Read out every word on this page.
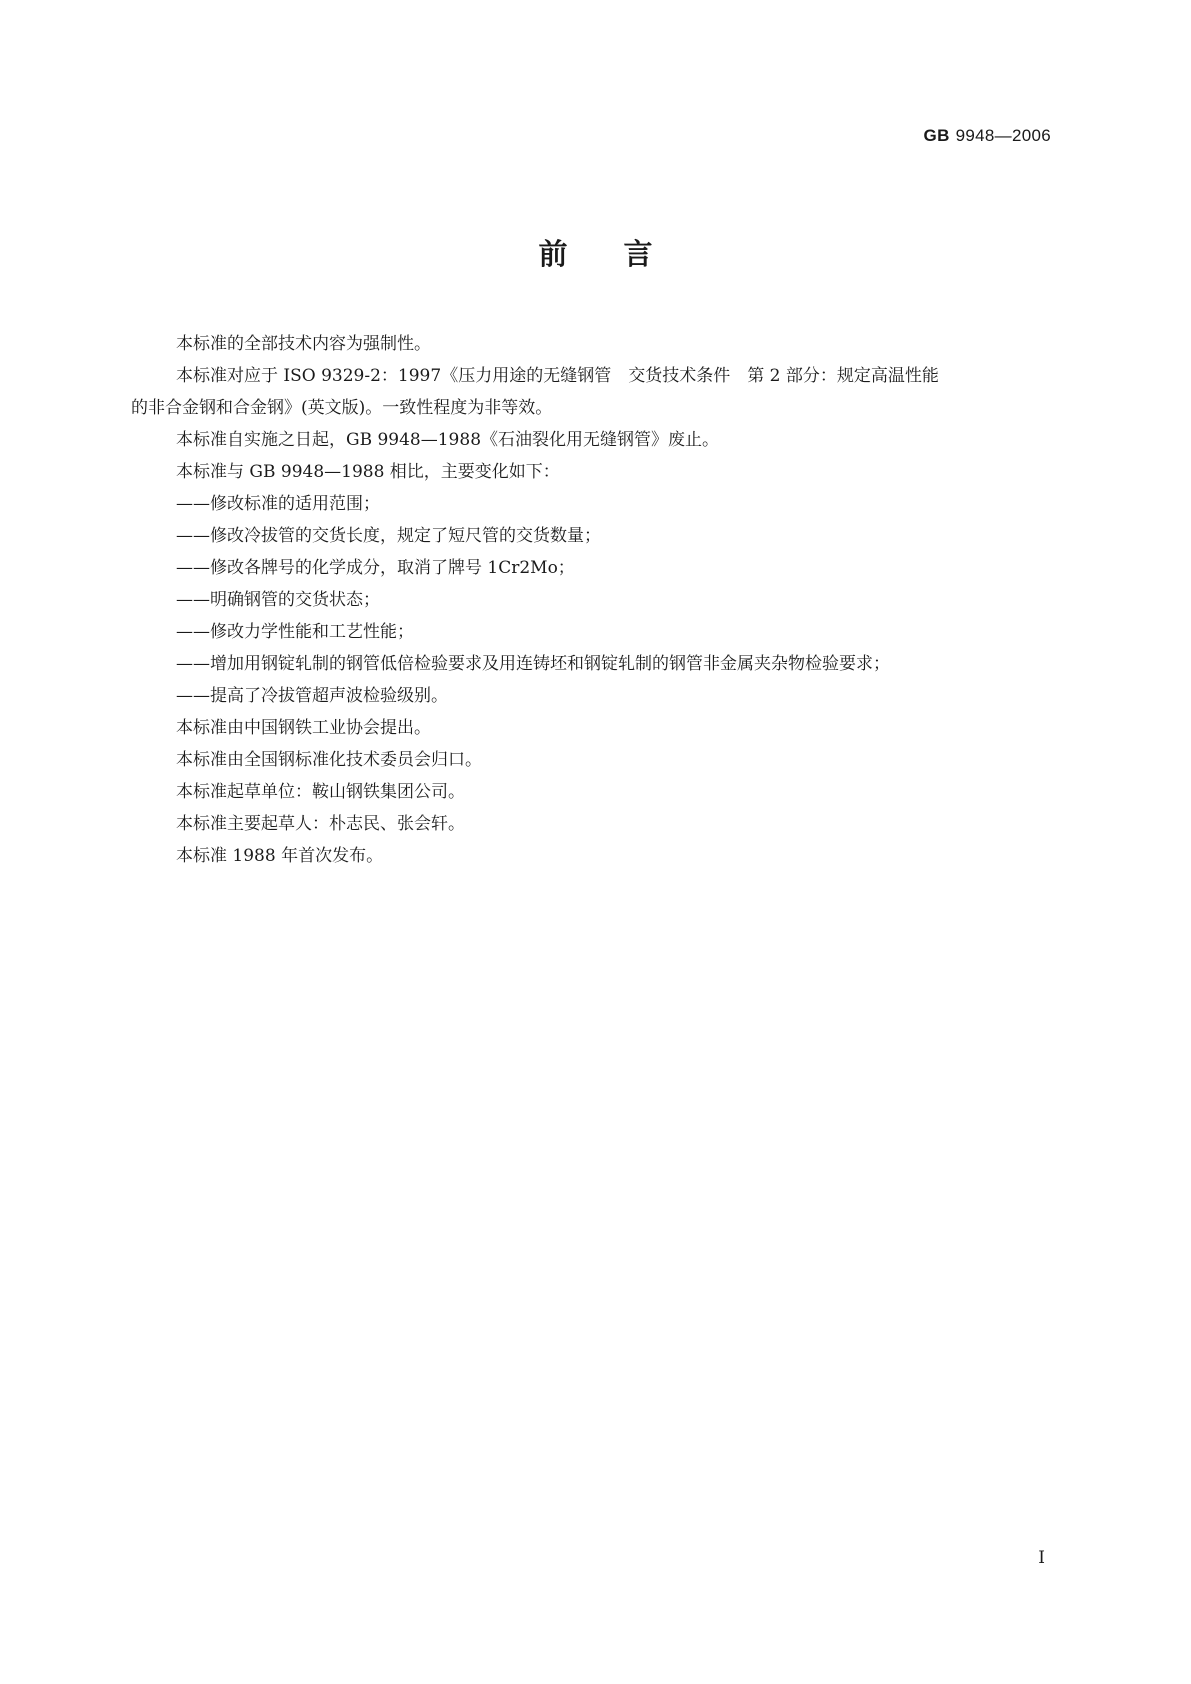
GB 9948—2006
前言
本标准的全部技术内容为强制性。
本标准对应于 ISO 9329-2：1997《压力用途的无缝钢管　交货技术条件　第 2 部分：规定高温性能
的非合金钢和合金钢》(英文版)。一致性程度为非等效。
本标准自实施之日起，GB 9948—1988《石油裂化用无缝钢管》废止。
本标准与 GB 9948—1988 相比，主要变化如下：
——修改标准的适用范围；
——修改冷拔管的交货长度，规定了短尺管的交货数量；
——修改各牌号的化学成分，取消了牌号 1Cr2Mo；
——明确钢管的交货状态；
——修改力学性能和工艺性能；
——增加用钢锭轧制的钢管低倍检验要求及用连铸坯和钢锭轧制的钢管非金属夹杂物检验要求；
——提高了冷拔管超声波检验级别。
本标准由中国钢铁工业协会提出。
本标准由全国钢标准化技术委员会归口。
本标准起草单位：鞍山钢铁集团公司。
本标准主要起草人：朴志民、张会轩。
本标准 1988 年首次发布。
I
